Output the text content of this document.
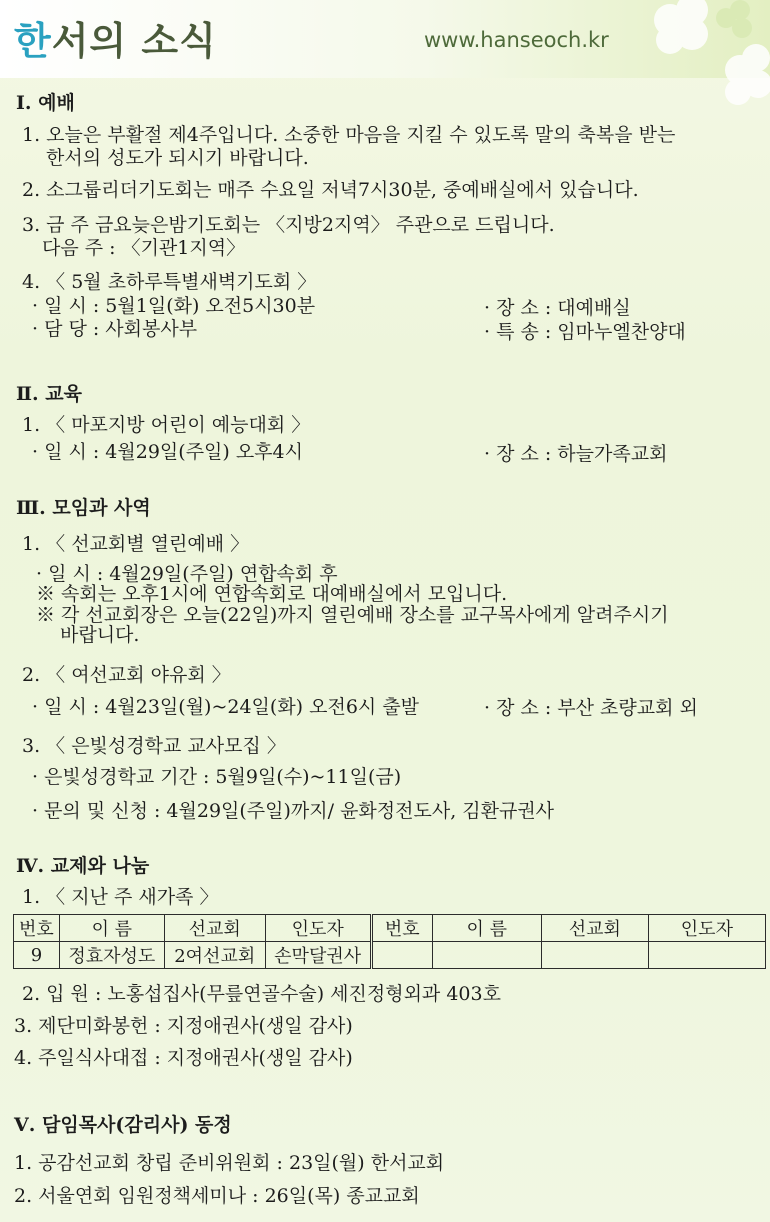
한서의 소식	www.hanseoch.kr
Ⅰ. 예배
1. 오늘은 부활절 제4주입니다. 소중한 마음을 지킬 수 있도록 말의 축복을 받는
한서의 성도가 되시기 바랍니다.
2. 소그룹리더기도회는 매주 수요일 저녁7시30분, 중예배실에서 있습니다.
3. 금 주 금요늦은밤기도회는 〈지방2지역〉 주관으로 드립니다.
다음 주 : 〈기관1지역〉
4. 〈 5월 초하루특별새벽기도회 〉
· 일 시 : 5월1일(화) 오전5시30분	· 장 소 : 대예배실
· 담 당 : 사회봉사부	· 특 송 : 임마누엘찬양대
Ⅱ. 교육
1. 〈 마포지방 어린이 예능대회 〉
· 일 시 : 4월29일(주일) 오후4시	· 장 소 : 하늘가족교회
Ⅲ. 모임과 사역
1. 〈 선교회별 열린예배 〉
· 일 시 : 4월29일(주일) 연합속회 후
※ 속회는 오후1시에 연합속회로 대예배실에서 모입니다.
※ 각 선교회장은 오늘(22일)까지 열린예배 장소를 교구목사에게 알려주시기
바랍니다.
2. 〈 여선교회 야유회 〉
· 일 시 : 4월23일(월)~24일(화) 오전6시 출발	· 장 소 : 부산 초량교회 외
3. 〈 은빛성경학교 교사모집 〉
· 은빛성경학교 기간 : 5월9일(수)~11일(금)
· 문의 및 신청 : 4월29일(주일)까지/ 윤화정전도사, 김환규권사
Ⅳ. 교제와 나눔
1. 〈 지난 주 새가족 〉
번호	이 름	선교회	인도자	번호	이 름	선교회	인도자
9	정효자성도	2여선교회	손막달권사				
2. 입 원 : 노홍섭집사(무릎연골수술) 세진정형외과 403호
3. 제단미화봉헌 : 지정애권사(생일 감사)
4. 주일식사대접 : 지정애권사(생일 감사)
Ⅴ. 담임목사(감리사) 동정
1. 공감선교회 창립 준비위원회 : 23일(월) 한서교회
2. 서울연회 임원정책세미나 : 26일(목) 종교교회
